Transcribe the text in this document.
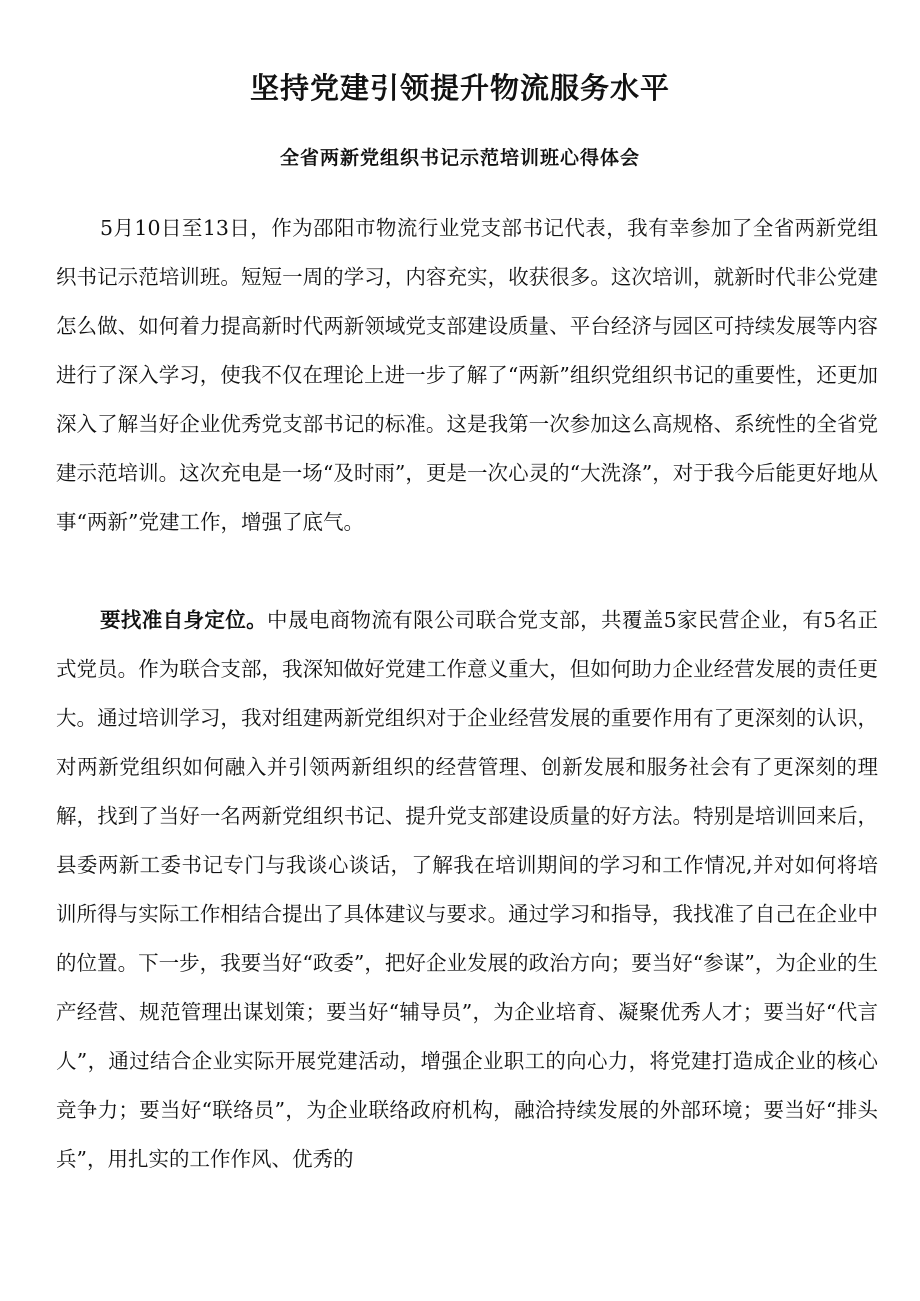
坚持党建引领提升物流服务水平
全省两新党组织书记示范培训班心得体会

5月10日至13日，作为邵阳市物流行业党支部书记代表，我有幸参加了全省两新党组织书记示范培训班。短短一周的学习，内容充实，收获很多。这次培训，就新时代非公党建怎么做、如何着力提高新时代两新领域党支部建设质量、平台经济与园区可持续发展等内容进行了深入学习，使我不仅在理论上进一步了解了“两新”组织党组织书记的重要性，还更加深入了解当好企业优秀党支部书记的标准。这是我第一次参加这么高规格、系统性的全省党建示范培训。这次充电是一场“及时雨”，更是一次心灵的“大洗涤”，对于我今后能更好地从事“两新”党建工作，增强了底气。

要找准自身定位。中晟电商物流有限公司联合党支部，共覆盖5家民营企业，有5名正式党员。作为联合支部，我深知做好党建工作意义重大，但如何助力企业经营发展的责任更大。通过培训学习，我对组建两新党组织对于企业经营发展的重要作用有了更深刻的认识，对两新党组织如何融入并引领两新组织的经营管理、创新发展和服务社会有了更深刻的理解，找到了当好一名两新党组织书记、提升党支部建设质量的好方法。特别是培训回来后，县委两新工委书记专门与我谈心谈话，了解我在培训期间的学习和工作情况,并对如何将培训所得与实际工作相结合提出了具体建议与要求。通过学习和指导，我找准了自己在企业中的位置。下一步，我要当好“政委”，把好企业发展的政治方向；要当好“参谋”，为企业的生产经营、规范管理出谋划策；要当好“辅导员”，为企业培育、凝聚优秀人才；要当好“代言人”，通过结合企业实际开展党建活动，增强企业职工的向心力，将党建打造成企业的核心竞争力；要当好“联络员”，为企业联络政府机构，融洽持续发展的外部环境；要当好“排头兵”，用扎实的工作作风、优秀的
